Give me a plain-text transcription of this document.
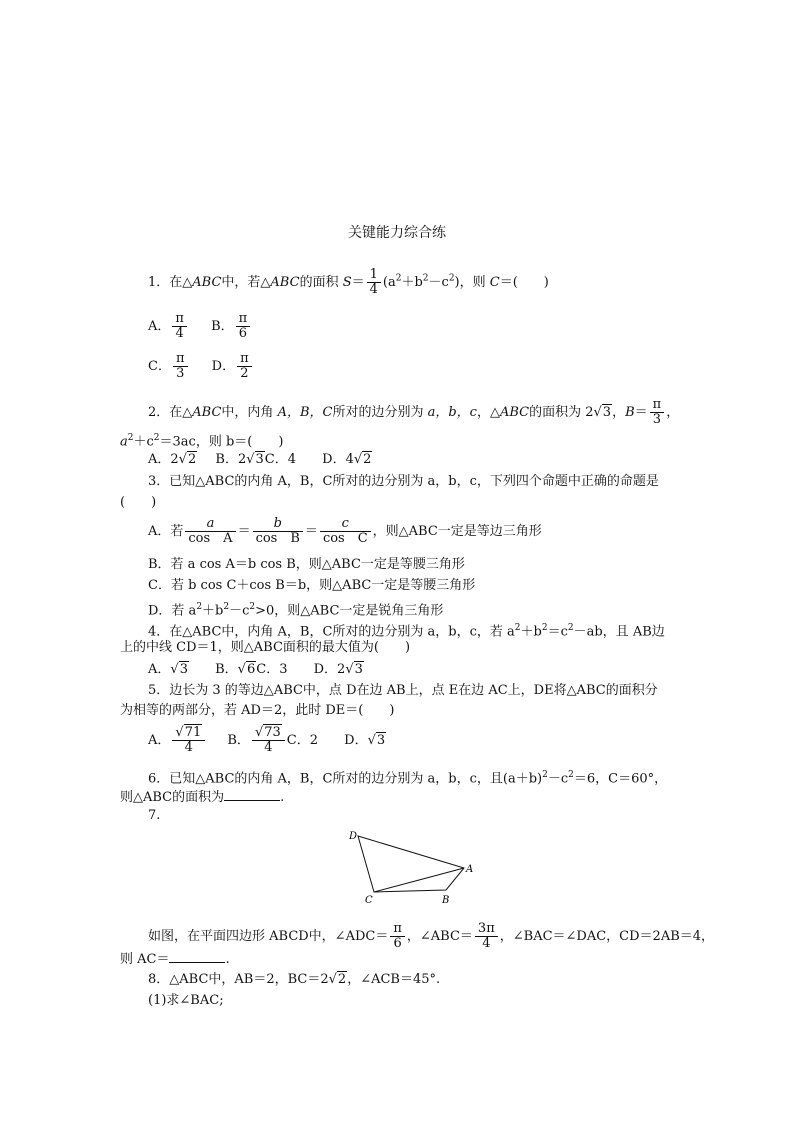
关键能力综合练
1．在△ABC中，若△ABC的面积 $S= \frac{1}{4} (a^2+b^2-c^2)$，则 C＝(　　)
A． $\frac{\pi}{4}$ B． $\frac{\pi}{6}$
C． $\frac{\pi}{3}$ D． $\frac{\pi}{2}$
2．在△ABC中，内角 A，B，C所对的边分别为 a，b，c，△ABC的面积为 2√3，$B= \frac{\pi}{3}$ ，
$a^2+c^2=3ac$，则 b＝(　　)
A．2√2 B．2√3C．4 D．4√2
3．已知△ABC的内角 A，B，C所对的边分别为 a，b，c，下列四个命题中正确的命题是
(　　)
A．若 $\frac{a}{\text{cos　A}} = \frac{b}{\text{cos　B}} = \frac{c}{\text{cos　C}}$ ，则△ABC一定是等边三角形
B．若 a cos A＝b cos B，则△ABC一定是等腰三角形
C．若 b cos C＋cos B＝b，则△ABC一定是等腰三角形
D．若 $a^2+b^2-c^2>0$，则△ABC一定是锐角三角形
4．在△ABC中，内角 A，B，C所对的边分别为 a，b，c，若 $a^2+b^2=c^2-ab$，且 AB边
上的中线 CD＝1，则△ABC面积的最大值为(　　)
A．√3 B．√6C．3 D．2√3
5．边长为 3 的等边△ABC中，点 D在边 AB上，点 E在边 AC上，DE将△ABC的面积分
为相等的两部分，若 AD＝2，此时 DE＝(　　)
A． $\frac{√71}{4}$ B． $\frac{√73}{4}$ C．2 D．√3
6．已知△ABC的内角 A，B，C所对的边分别为 a，b，c，且$(a+b)^2-c^2=6$，C＝60°，
则△ABC的面积为	.
7.
D
A
C	B
如图，在平面四边形 ABCD中，∠ADC＝ $\frac{\pi}{6}$ ，∠ABC＝ $\frac{3\pi}{4}$ ，∠BAC＝∠DAC，CD＝2AB＝4，
则 AC＝	.
8．△ABC中，AB＝2，BC＝2√2，∠ACB＝45°.
(1)求∠BAC;
